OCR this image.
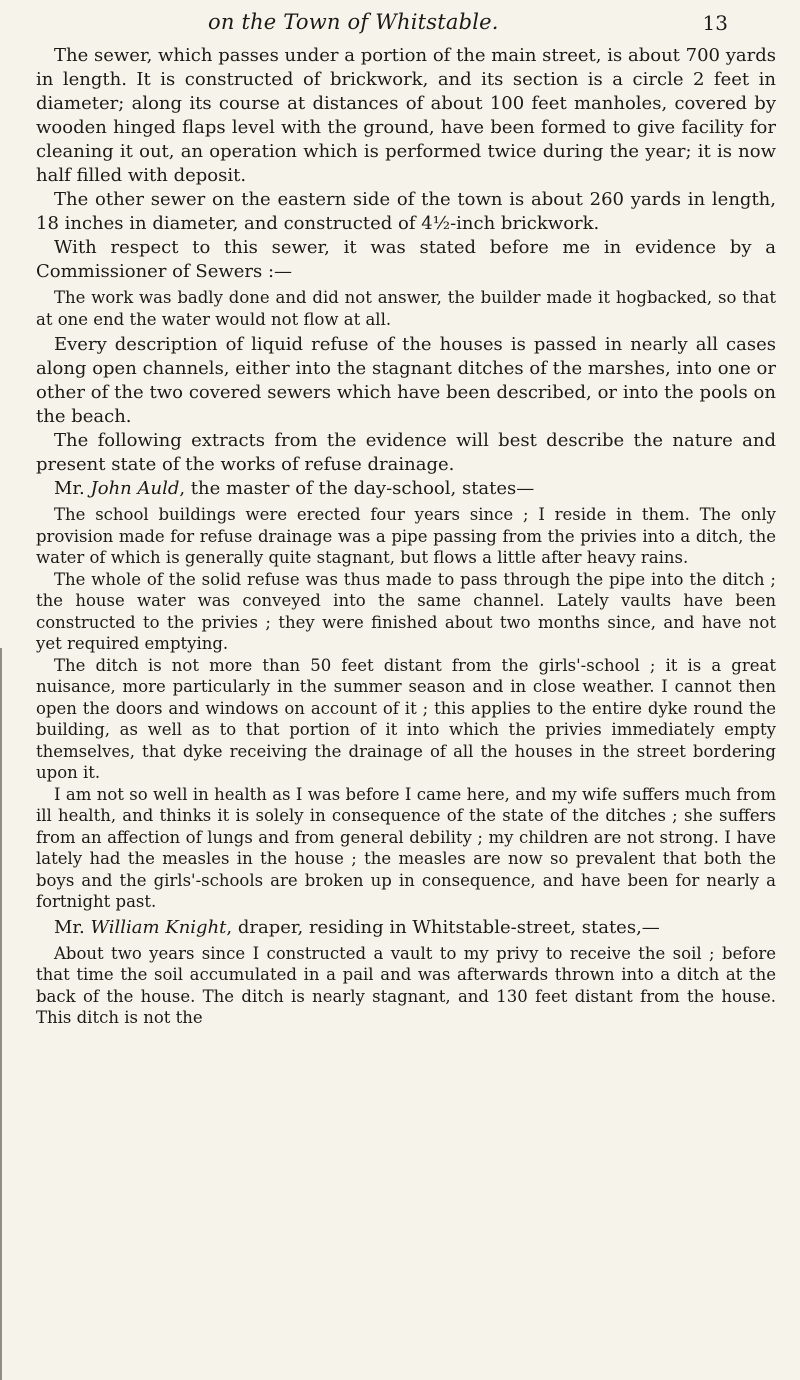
on the Town of Whitstable.	13

The sewer, which passes under a portion of the main street, is about 700 yards in length. It is constructed of brickwork, and its section is a circle 2 feet in diameter; along its course at distances of about 100 feet manholes, covered by wooden hinged flaps level with the ground, have been formed to give facility for cleaning it out, an operation which is performed twice during the year; it is now half filled with deposit.

The other sewer on the eastern side of the town is about 260 yards in length, 18 inches in diameter, and constructed of 4½-inch brickwork.

With respect to this sewer, it was stated before me in evidence by a Commissioner of Sewers :—

The work was badly done and did not answer, the builder made it hogbacked, so that at one end the water would not flow at all.

Every description of liquid refuse of the houses is passed in nearly all cases along open channels, either into the stagnant ditches of the marshes, into one or other of the two covered sewers which have been described, or into the pools on the beach.

The following extracts from the evidence will best describe the nature and present state of the works of refuse drainage.

Mr. John Auld, the master of the day-school, states—

The school buildings were erected four years since ; I reside in them. The only provision made for refuse drainage was a pipe passing from the privies into a ditch, the water of which is generally quite stagnant, but flows a little after heavy rains.

The whole of the solid refuse was thus made to pass through the pipe into the ditch ; the house water was conveyed into the same channel. Lately vaults have been constructed to the privies ; they were finished about two months since, and have not yet required emptying.

The ditch is not more than 50 feet distant from the girls'-school ; it is a great nuisance, more particularly in the summer season and in close weather. I cannot then open the doors and windows on account of it ; this applies to the entire dyke round the building, as well as to that portion of it into which the privies immediately empty themselves, that dyke receiving the drainage of all the houses in the street bordering upon it.

I am not so well in health as I was before I came here, and my wife suffers much from ill health, and thinks it is solely in consequence of the state of the ditches ; she suffers from an affection of lungs and from general debility ; my children are not strong. I have lately had the measles in the house ; the measles are now so prevalent that both the boys and the girls'-schools are broken up in consequence, and have been for nearly a fortnight past.

Mr. William Knight, draper, residing in Whitstable-street, states,—

About two years since I constructed a vault to my privy to receive the soil ; before that time the soil accumulated in a pail and was afterwards thrown into a ditch at the back of the house. The ditch is nearly stagnant, and 130 feet distant from the house. This ditch is not the
